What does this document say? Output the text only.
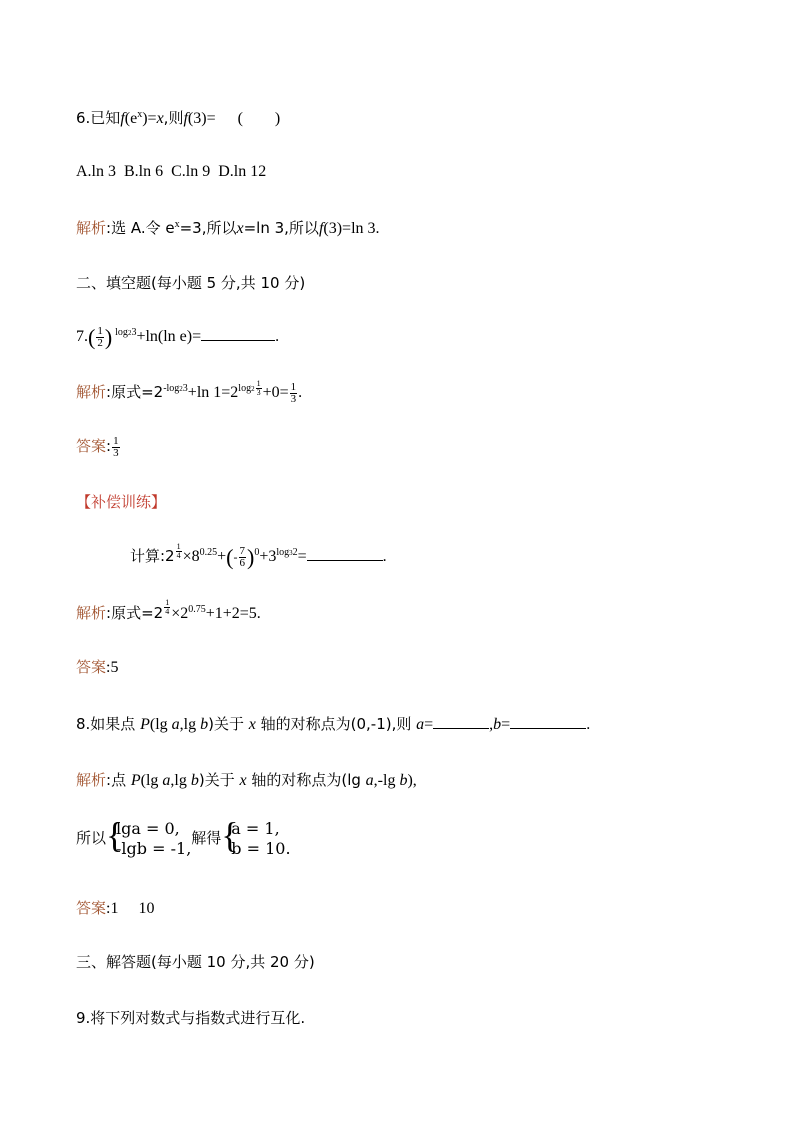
6.已知$f(e^x)=x$,则f(3)= (　　)
A.ln 3 B.ln 6 C.ln 9 D.ln 12
解析:选 A.令 $e^x=3$,所以x=ln 3,所以f(3)=ln 3.
二、填空题(每小题 5 分,共 10 分)
$7.( \frac{1}{2}$ ) $^{log23}$+ln(ln e)=	.
解析:原式$=2^{-log23}+\ln$ $1=2^{log2 \frac{1}{3}} +0= \frac{1}{3}$ .
答案: $\frac{1}{3}$
【补偿训练】
计算:2 $^{\frac{1}{4}} \times 8^{0.25}+(- \frac{7}{6} )^0+3^{log32}=$	.
解析:原式=2 $^{\frac{1}{4}} \times 2^{0.75}+1+2=5$.
答案:5
8.如果点 P(lg a,lg b)关于 x 轴的对称点为(0,-1),则 a=	,b=	.
解析:点 P(lg a,lg b)关于 x 轴的对称点为(lg a,-lg b),
所以 {
lga = 0,
-lgb = -1,
解得 {
a = 1,
b = 10.
答案:1　 10
三、解答题(每小题 10 分,共 20 分)
9.将下列对数式与指数式进行互化.
